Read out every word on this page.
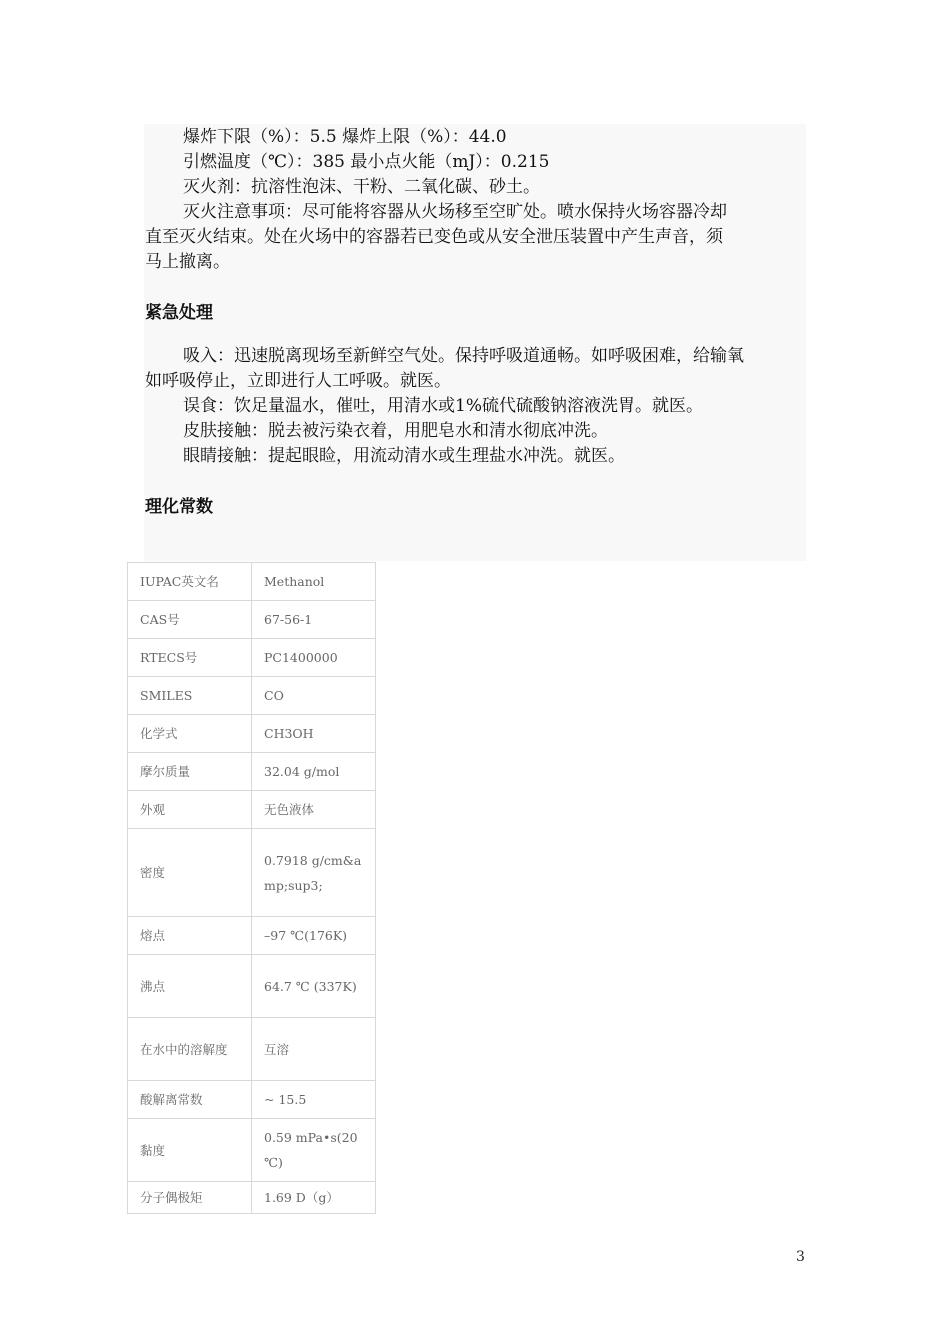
爆炸下限（%）：5.5 爆炸上限（%）：44.0
引燃温度（℃）：385 最小点火能（mJ）：0.215
灭火剂：抗溶性泡沫、干粉、二氧化碳、砂土。
灭火注意事项：尽可能将容器从火场移至空旷处。喷水保持火场容器冷却
直至灭火结束。处在火场中的容器若已变色或从安全泄压装置中产生声音，须
马上撤离。
紧急处理
吸入：迅速脱离现场至新鲜空气处。保持呼吸道通畅。如呼吸困难，给输氧
如呼吸停止，立即进行人工呼吸。就医。
误食：饮足量温水，催吐，用清水或1%硫代硫酸钠溶液洗胃。就医。
皮肤接触：脱去被污染衣着，用肥皂水和清水彻底冲洗。
眼睛接触：提起眼睑，用流动清水或生理盐水冲洗。就医。
理化常数
IUPAC英文名	Methanol
CAS号	67-56-1
RTECS号	PC1400000
SMILES	CO
化学式	CH3OH
摩尔质量	32.04 g/mol
外观	无色液体
密度	0.7918 g/cm&amp;sup3;
熔点	–97 ℃(176K)
沸点	64.7 ℃ (337K)
在水中的溶解度	互溶
酸解离常数	~ 15.5
黏度	0.59 mPa•s(20 ℃)
分子偶极矩	1.69 D（g）
3
